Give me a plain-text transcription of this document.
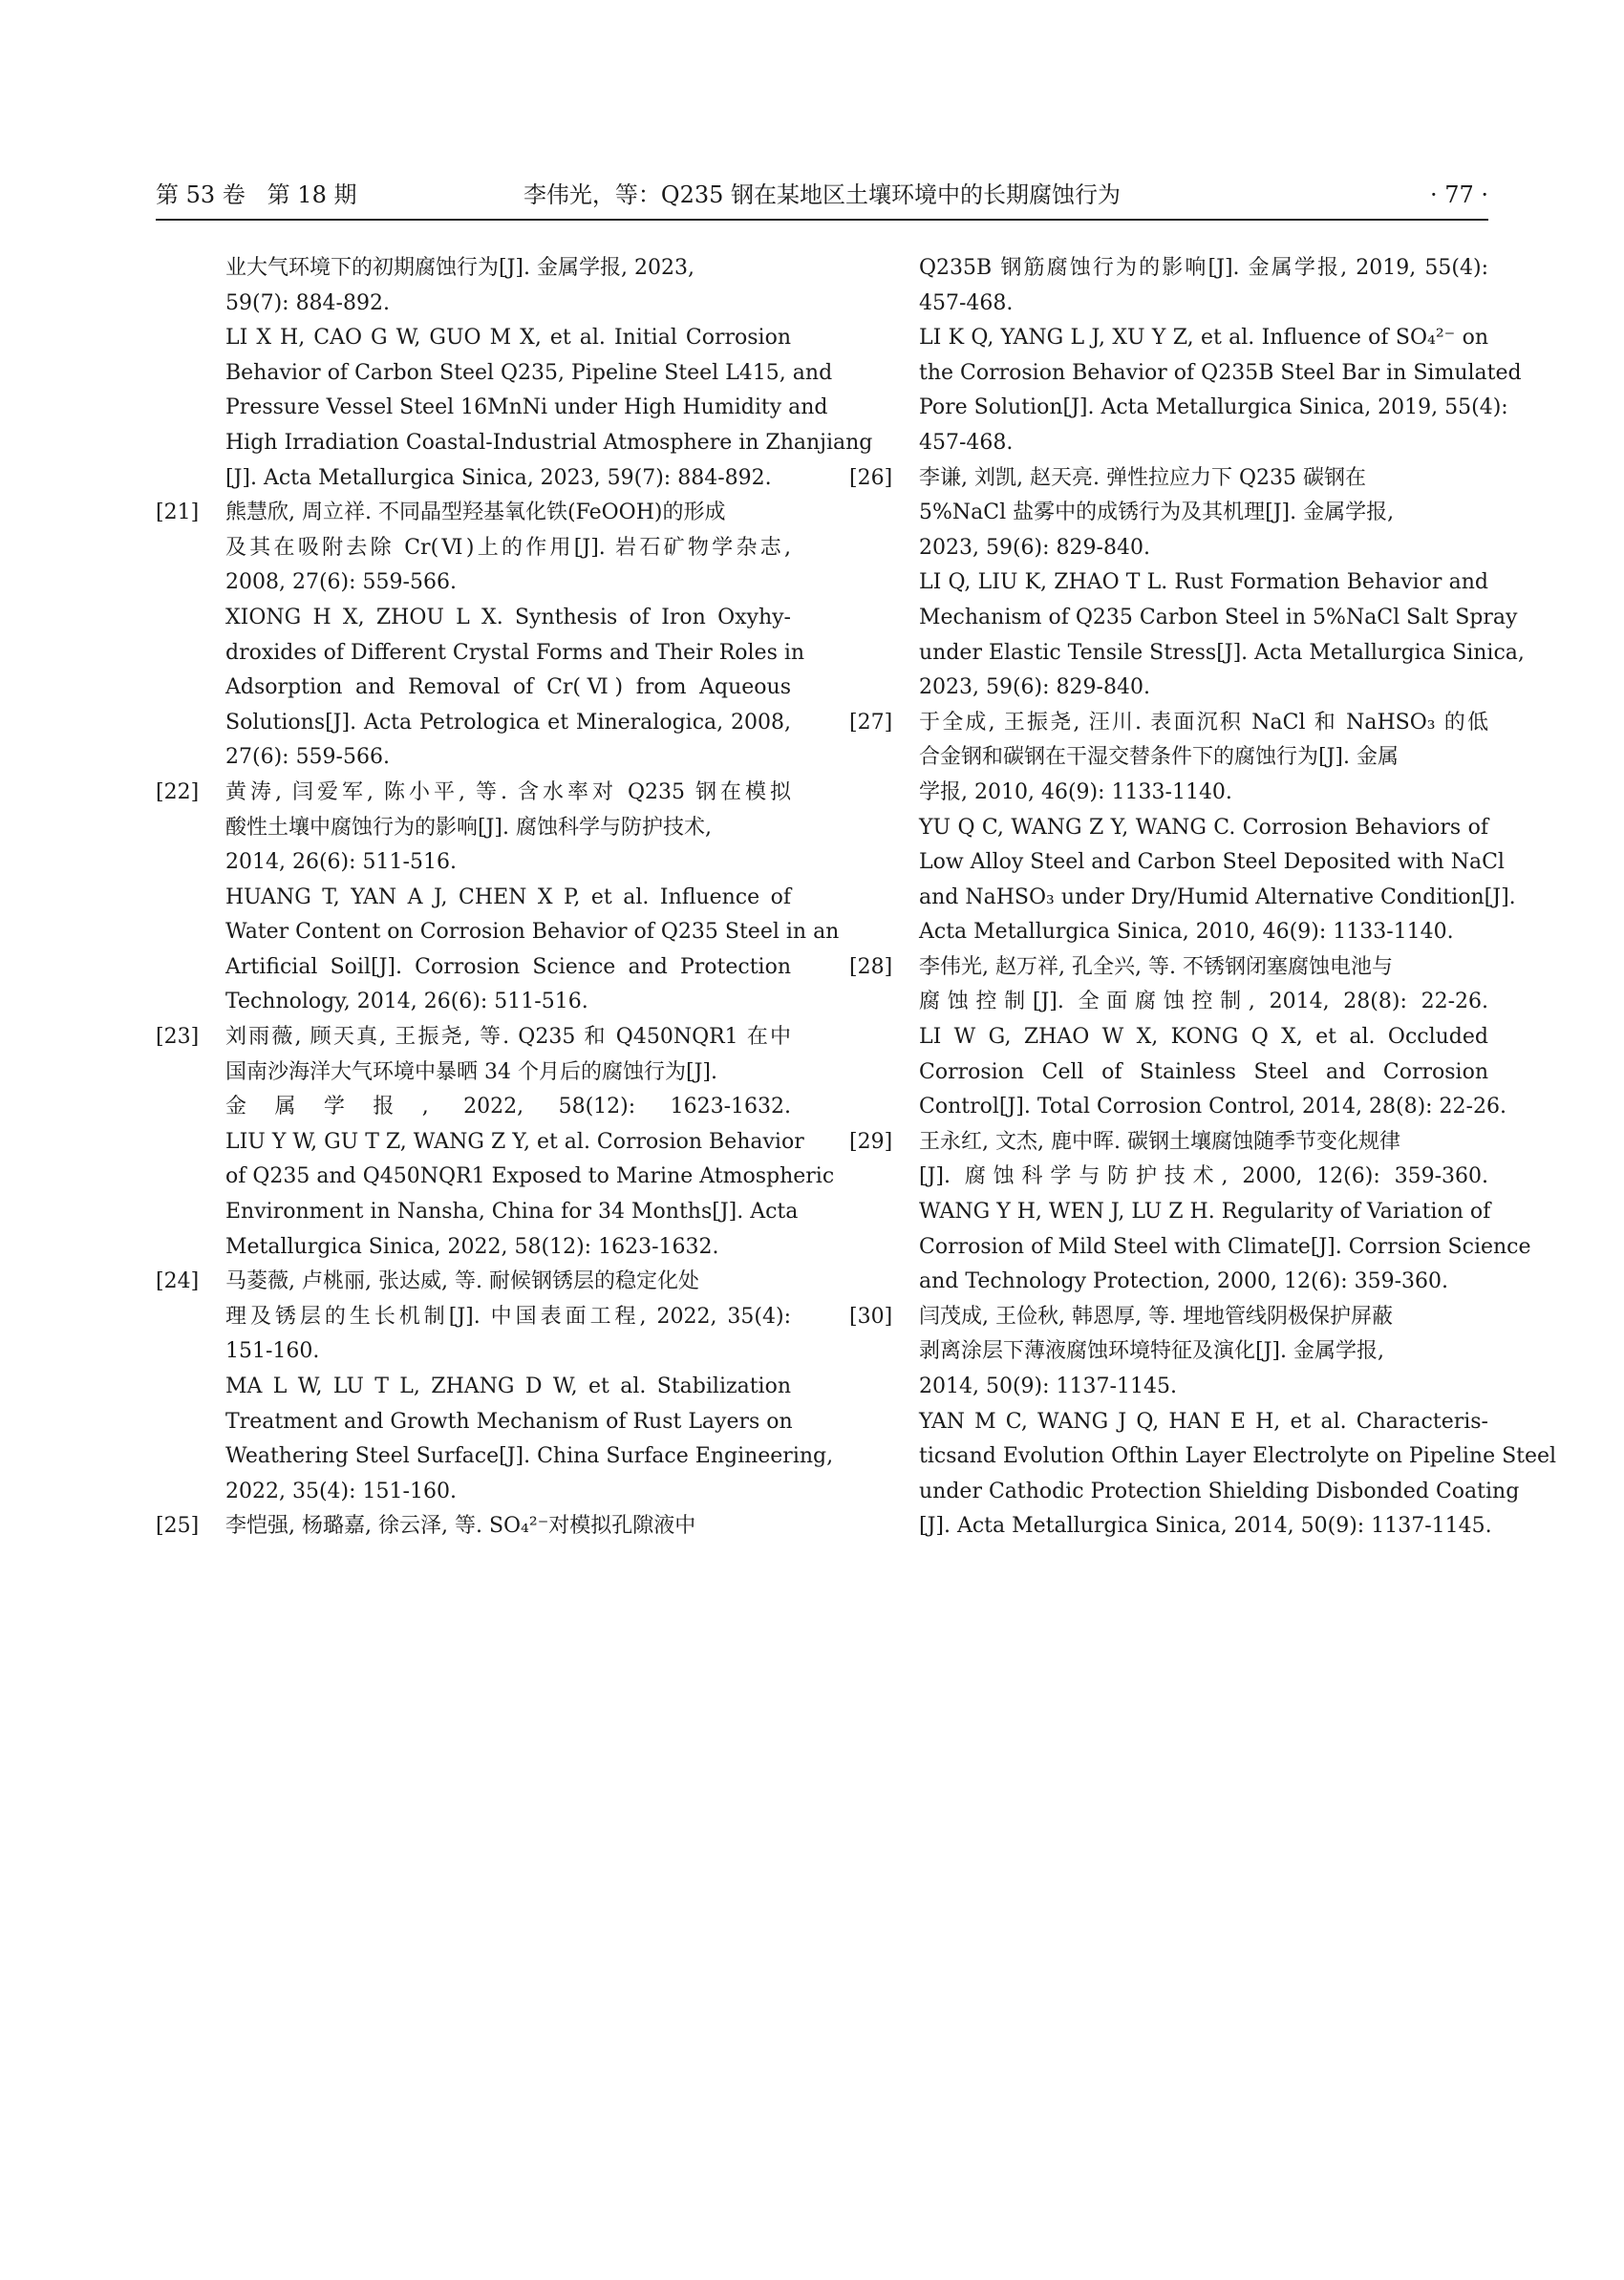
第 53 卷   第 18 期	李伟光，等：Q235 钢在某地区土壤环境中的长期腐蚀行为	· 77 ·
业大气环境下的初期腐蚀行为[J]. 金属学报, 2023,
59(7): 884-892.
LI X H, CAO G W, GUO M X, et al. Initial Corrosion
Behavior of Carbon Steel Q235, Pipeline Steel L415, and
Pressure Vessel Steel 16MnNi under High Humidity and
High Irradiation Coastal-Industrial Atmosphere in Zhanjiang
[J]. Acta Metallurgica Sinica, 2023, 59(7): 884-892.
[21] 熊慧欣, 周立祥. 不同晶型羟基氧化铁(FeOOH)的形成
及其在吸附去除 Cr(Ⅵ)上的作用[J]. 岩石矿物学杂志,
2008, 27(6): 559-566.
XIONG H X, ZHOU L X. Synthesis of Iron Oxyhy-
droxides of Different Crystal Forms and Their Roles in
Adsorption and Removal of Cr(Ⅵ) from Aqueous
Solutions[J]. Acta Petrologica et Mineralogica, 2008,
27(6): 559-566.
[22] 黄涛, 闫爱军, 陈小平, 等. 含水率对 Q235 钢在模拟
酸性土壤中腐蚀行为的影响[J]. 腐蚀科学与防护技术,
2014, 26(6): 511-516.
HUANG T, YAN A J, CHEN X P, et al. Influence of
Water Content on Corrosion Behavior of Q235 Steel in an
Artificial Soil[J]. Corrosion Science and Protection
Technology, 2014, 26(6): 511-516.
[23] 刘雨薇, 顾天真, 王振尧, 等. Q235 和 Q450NQR1 在中
国南沙海洋大气环境中暴晒 34 个月后的腐蚀行为[J].
金属学报, 2022, 58(12): 1623-1632.
LIU Y W, GU T Z, WANG Z Y, et al. Corrosion Behavior
of Q235 and Q450NQR1 Exposed to Marine Atmospheric
Environment in Nansha, China for 34 Months[J]. Acta
Metallurgica Sinica, 2022, 58(12): 1623-1632.
[24] 马菱薇, 卢桃丽, 张达威, 等. 耐候钢锈层的稳定化处
理及锈层的生长机制[J]. 中国表面工程, 2022, 35(4):
151-160.
MA L W, LU T L, ZHANG D W, et al. Stabilization
Treatment and Growth Mechanism of Rust Layers on
Weathering Steel Surface[J]. China Surface Engineering,
2022, 35(4): 151-160.
[25] 李恺强, 杨璐嘉, 徐云泽, 等. SO₄²⁻对模拟孔隙液中
Q235B 钢筋腐蚀行为的影响[J]. 金属学报, 2019, 55(4):
457-468.
LI K Q, YANG L J, XU Y Z, et al. Influence of SO₄²⁻ on
the Corrosion Behavior of Q235B Steel Bar in Simulated
Pore Solution[J]. Acta Metallurgica Sinica, 2019, 55(4):
457-468.
[26] 李谦, 刘凯, 赵天亮. 弹性拉应力下 Q235 碳钢在
5%NaCl 盐雾中的成锈行为及其机理[J]. 金属学报,
2023, 59(6): 829-840.
LI Q, LIU K, ZHAO T L. Rust Formation Behavior and
Mechanism of Q235 Carbon Steel in 5%NaCl Salt Spray
under Elastic Tensile Stress[J]. Acta Metallurgica Sinica,
2023, 59(6): 829-840.
[27] 于全成, 王振尧, 汪川. 表面沉积 NaCl 和 NaHSO₃ 的低
合金钢和碳钢在干湿交替条件下的腐蚀行为[J]. 金属
学报, 2010, 46(9): 1133-1140.
YU Q C, WANG Z Y, WANG C. Corrosion Behaviors of
Low Alloy Steel and Carbon Steel Deposited with NaCl
and NaHSO₃ under Dry/Humid Alternative Condition[J].
Acta Metallurgica Sinica, 2010, 46(9): 1133-1140.
[28] 李伟光, 赵万祥, 孔全兴, 等. 不锈钢闭塞腐蚀电池与
腐蚀控制[J]. 全面腐蚀控制, 2014, 28(8): 22-26.
LI W G, ZHAO W X, KONG Q X, et al. Occluded
Corrosion Cell of Stainless Steel and Corrosion
Control[J]. Total Corrosion Control, 2014, 28(8): 22-26.
[29] 王永红, 文杰, 鹿中晖. 碳钢土壤腐蚀随季节变化规律
[J]. 腐蚀科学与防护技术, 2000, 12(6): 359-360.
WANG Y H, WEN J, LU Z H. Regularity of Variation of
Corrosion of Mild Steel with Climate[J]. Corrsion Science
and Technology Protection, 2000, 12(6): 359-360.
[30] 闫茂成, 王俭秋, 韩恩厚, 等. 埋地管线阴极保护屏蔽
剥离涂层下薄液腐蚀环境特征及演化[J]. 金属学报,
2014, 50(9): 1137-1145.
YAN M C, WANG J Q, HAN E H, et al. Characteris-
ticsand Evolution Ofthin Layer Electrolyte on Pipeline Steel
under Cathodic Protection Shielding Disbonded Coating
[J]. Acta Metallurgica Sinica, 2014, 50(9): 1137-1145.
